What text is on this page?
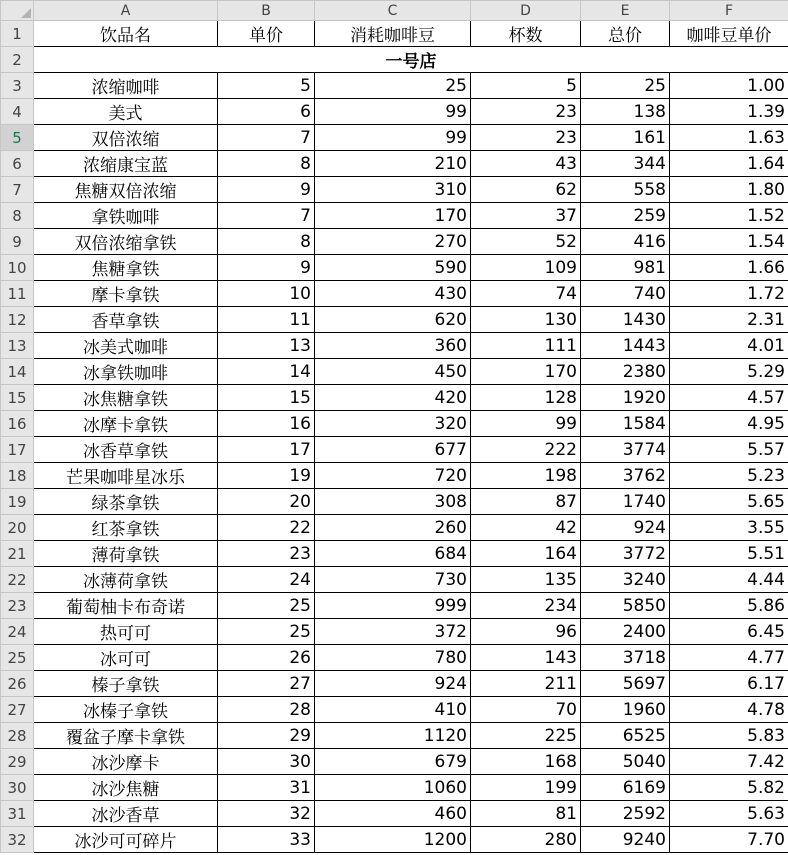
	A	B	C	D	E	F
1	饮品名	单价	消耗咖啡豆	杯数	总价	咖啡豆单价
2	一号店					
3	浓缩咖啡	5	25	5	25	1.00
4	美式	6	99	23	138	1.39
5	双倍浓缩	7	99	23	161	1.63
6	浓缩康宝蓝	8	210	43	344	1.64
7	焦糖双倍浓缩	9	310	62	558	1.80
8	拿铁咖啡	7	170	37	259	1.52
9	双倍浓缩拿铁	8	270	52	416	1.54
10	焦糖拿铁	9	590	109	981	1.66
11	摩卡拿铁	10	430	74	740	1.72
12	香草拿铁	11	620	130	1430	2.31
13	冰美式咖啡	13	360	111	1443	4.01
14	冰拿铁咖啡	14	450	170	2380	5.29
15	冰焦糖拿铁	15	420	128	1920	4.57
16	冰摩卡拿铁	16	320	99	1584	4.95
17	冰香草拿铁	17	677	222	3774	5.57
18	芒果咖啡星冰乐	19	720	198	3762	5.23
19	绿茶拿铁	20	308	87	1740	5.65
20	红茶拿铁	22	260	42	924	3.55
21	薄荷拿铁	23	684	164	3772	5.51
22	冰薄荷拿铁	24	730	135	3240	4.44
23	葡萄柚卡布奇诺	25	999	234	5850	5.86
24	热可可	25	372	96	2400	6.45
25	冰可可	26	780	143	3718	4.77
26	榛子拿铁	27	924	211	5697	6.17
27	冰榛子拿铁	28	410	70	1960	4.78
28	覆盆子摩卡拿铁	29	1120	225	6525	5.83
29	冰沙摩卡	30	679	168	5040	7.42
30	冰沙焦糖	31	1060	199	6169	5.82
31	冰沙香草	32	460	81	2592	5.63
32	冰沙可可碎片	33	1200	280	9240	7.70
